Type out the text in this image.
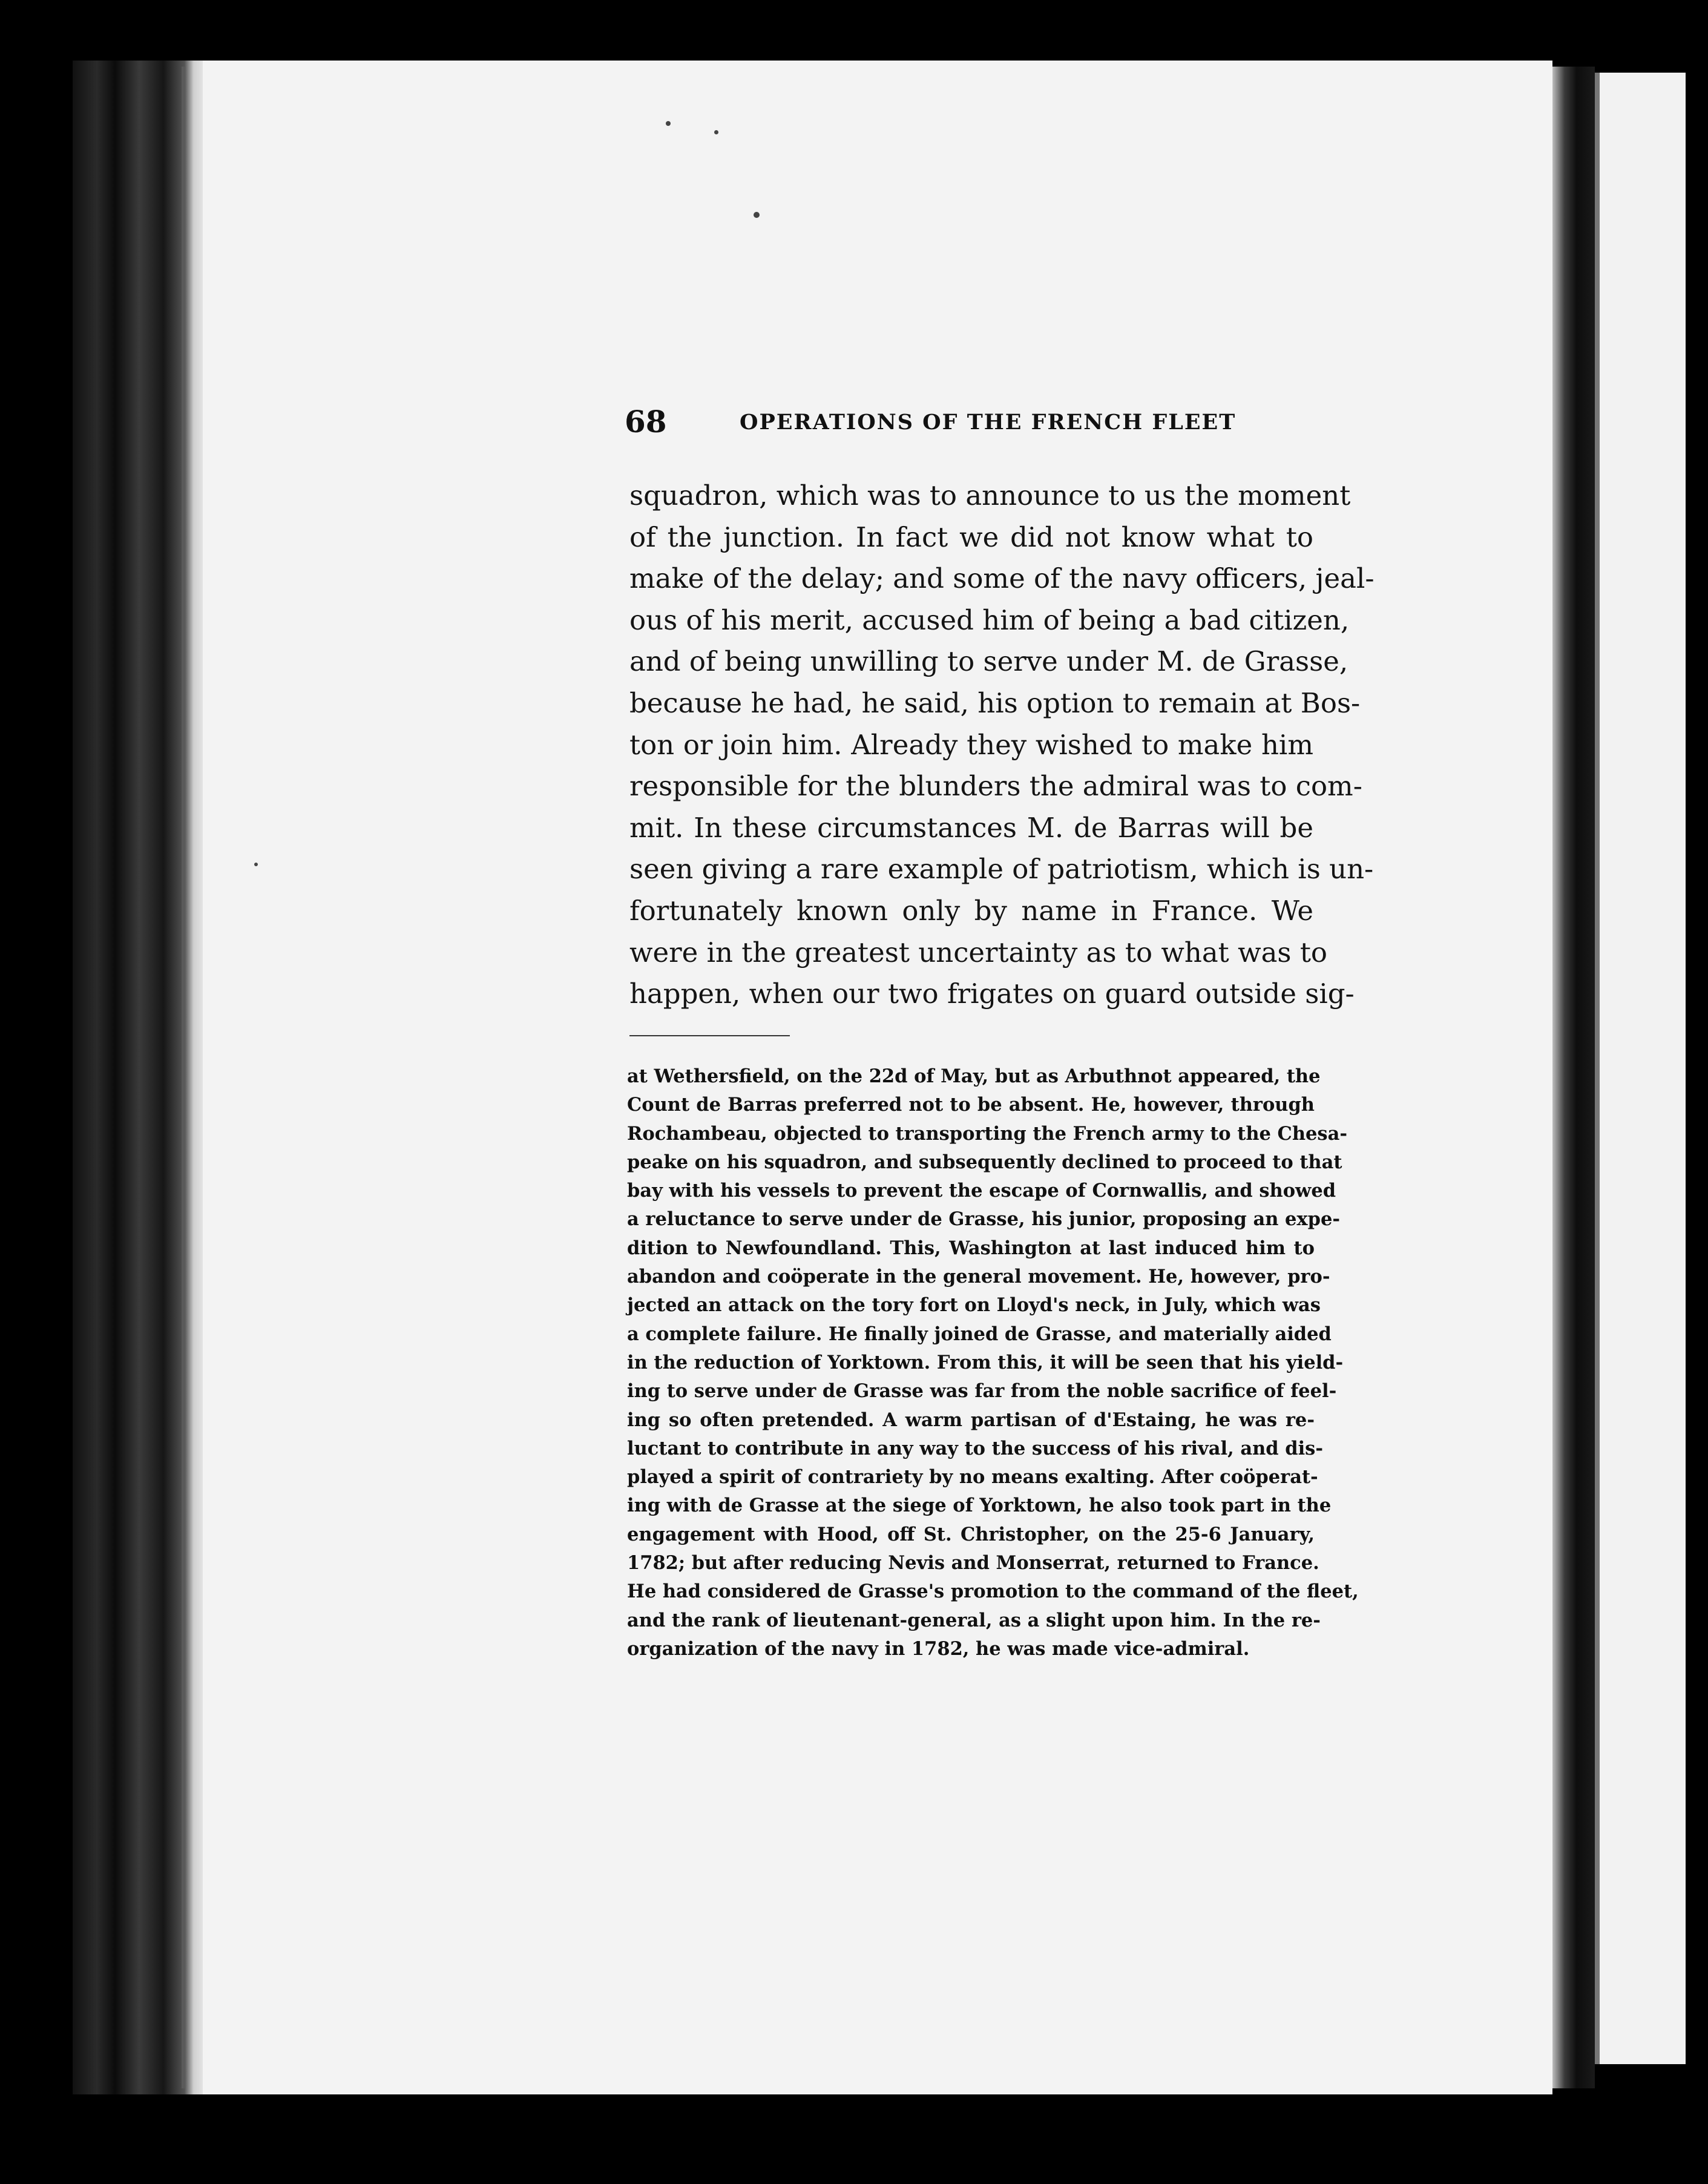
68	OPERATIONS OF THE FRENCH FLEET
squadron, which was to announce to us the moment
of the junction. In fact we did not know what to
make of the delay; and some of the navy officers, jeal-
ous of his merit, accused him of being a bad citizen,
and of being unwilling to serve under M. de Grasse,
because he had, he said, his option to remain at Bos-
ton or join him. Already they wished to make him
responsible for the blunders the admiral was to com-
mit. In these circumstances M. de Barras will be
seen giving a rare example of patriotism, which is un-
fortunately known only by name in France. We
were in the greatest uncertainty as to what was to
happen, when our two frigates on guard outside sig-
at Wethersfield, on the 22d of May, but as Arbuthnot appeared, the
Count de Barras preferred not to be absent. He, however, through
Rochambeau, objected to transporting the French army to the Chesa-
peake on his squadron, and subsequently declined to proceed to that
bay with his vessels to prevent the escape of Cornwallis, and showed
a reluctance to serve under de Grasse, his junior, proposing an expe-
dition to Newfoundland. This, Washington at last induced him to
abandon and coöperate in the general movement. He, however, pro-
jected an attack on the tory fort on Lloyd's neck, in July, which was
a complete failure. He finally joined de Grasse, and materially aided
in the reduction of Yorktown. From this, it will be seen that his yield-
ing to serve under de Grasse was far from the noble sacrifice of feel-
ing so often pretended. A warm partisan of d'Estaing, he was re-
luctant to contribute in any way to the success of his rival, and dis-
played a spirit of contrariety by no means exalting. After coöperat-
ing with de Grasse at the siege of Yorktown, he also took part in the
engagement with Hood, off St. Christopher, on the 25-6 January,
1782; but after reducing Nevis and Monserrat, returned to France.
He had considered de Grasse's promotion to the command of the fleet,
and the rank of lieutenant-general, as a slight upon him. In the re-
organization of the navy in 1782, he was made vice-admiral.
